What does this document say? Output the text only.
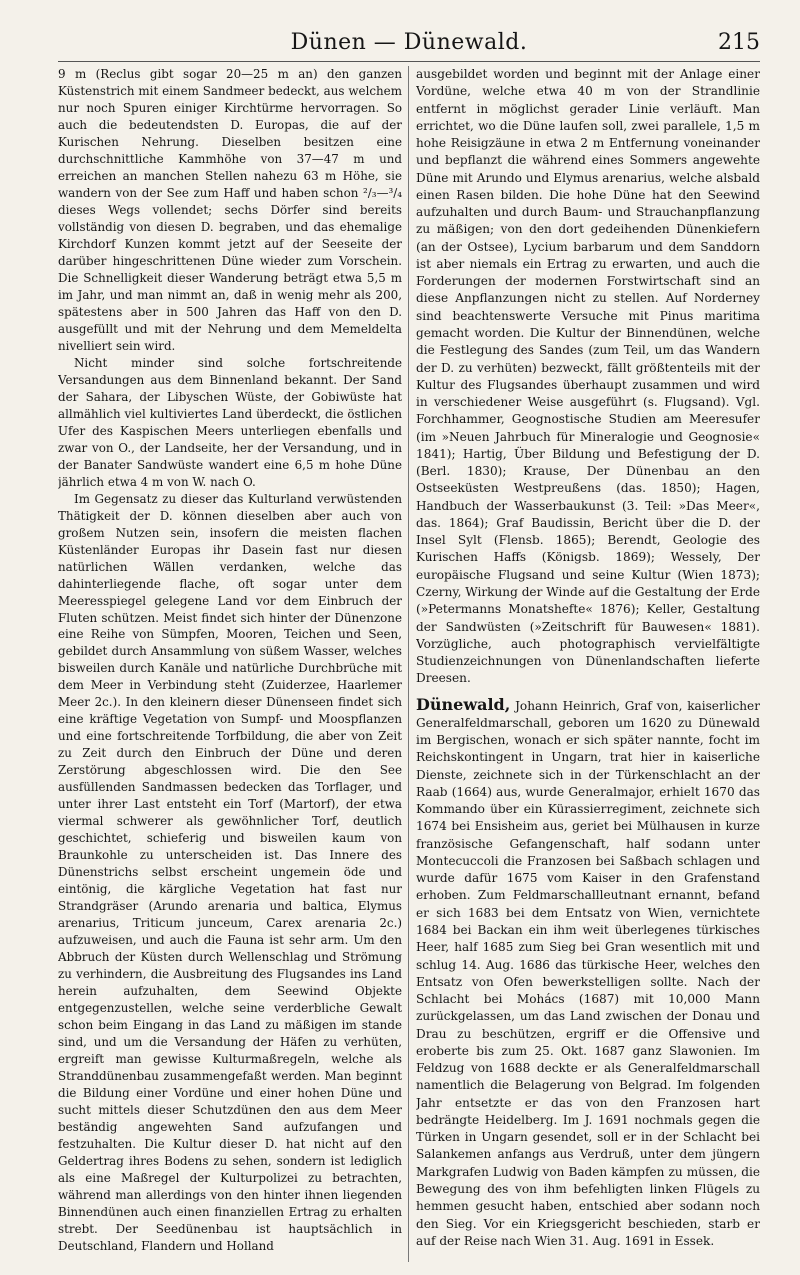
Dünen — Dünewald.	215

9 m (Reclus gibt sogar 20—25 m an) den ganzen Küstenstrich mit einem Sandmeer bedeckt, aus welchem nur noch Spuren einiger Kirchtürme hervorragen. So auch die bedeutendsten D. Europas, die auf der Kurischen Nehrung. Dieselben besitzen eine durchschnittliche Kammhöhe von 37—47 m und erreichen an manchen Stellen nahezu 63 m Höhe, sie wandern von der See zum Haff und haben schon ²/₃—³/₄ dieses Wegs vollendet; sechs Dörfer sind bereits vollständig von diesen D. begraben, und das ehemalige Kirchdorf Kunzen kommt jetzt auf der Seeseite der darüber hingeschrittenen Düne wieder zum Vorschein. Die Schnelligkeit dieser Wanderung beträgt etwa 5,5 m im Jahr, und man nimmt an, daß in wenig mehr als 200, spätestens aber in 500 Jahren das Haff von den D. ausgefüllt und mit der Nehrung und dem Memeldelta nivelliert sein wird.

Nicht minder sind solche fortschreitende Versandungen aus dem Binnenland bekannt. Der Sand der Sahara, der Libyschen Wüste, der Gobiwüste hat allmählich viel kultiviertes Land überdeckt, die östlichen Ufer des Kaspischen Meers unterliegen ebenfalls und zwar von O., der Landseite, her der Versandung, und in der Banater Sandwüste wandert eine 6,5 m hohe Düne jährlich etwa 4 m von W. nach O.

Im Gegensatz zu dieser das Kulturland verwüstenden Thätigkeit der D. können dieselben aber auch von großem Nutzen sein, insofern die meisten flachen Küstenländer Europas ihr Dasein fast nur diesen natürlichen Wällen verdanken, welche das dahinterliegende flache, oft sogar unter dem Meeresspiegel gelegene Land vor dem Einbruch der Fluten schützen. Meist findet sich hinter der Dünenzone eine Reihe von Sümpfen, Mooren, Teichen und Seen, gebildet durch Ansammlung von süßem Wasser, welches bisweilen durch Kanäle und natürliche Durchbrüche mit dem Meer in Verbindung steht (Zuiderzee, Haarlemer Meer 2c.). In den kleinern dieser Dünenseen findet sich eine kräftige Vegetation von Sumpf- und Moospflanzen und eine fortschreitende Torfbildung, die aber von Zeit zu Zeit durch den Einbruch der Düne und deren Zerstörung abgeschlossen wird. Die den See ausfüllenden Sandmassen bedecken das Torflager, und unter ihrer Last entsteht ein Torf (Martorf), der etwa viermal schwerer als gewöhnlicher Torf, deutlich geschichtet, schieferig und bisweilen kaum von Braunkohle zu unterscheiden ist. Das Innere des Dünenstrichs selbst erscheint ungemein öde und eintönig, die kärgliche Vegetation hat fast nur Strandgräser (Arundo arenaria und baltica, Elymus arenarius, Triticum junceum, Carex arenaria 2c.) aufzuweisen, und auch die Fauna ist sehr arm. Um den Abbruch der Küsten durch Wellenschlag und Strömung zu verhindern, die Ausbreitung des Flugsandes ins Land herein aufzuhalten, dem Seewind Objekte entgegenzustellen, welche seine verderbliche Gewalt schon beim Eingang in das Land zu mäßigen im stande sind, und um die Versandung der Häfen zu verhüten, ergreift man gewisse Kulturmaßregeln, welche als Stranddünenbau zusammengefaßt werden. Man beginnt die Bildung einer Vordüne und einer hohen Düne und sucht mittels dieser Schutzdünen den aus dem Meer beständig angewehten Sand aufzufangen und festzuhalten. Die Kultur dieser D. hat nicht auf den Geldertrag ihres Bodens zu sehen, sondern ist lediglich als eine Maßregel der Kulturpolizei zu betrachten, während man allerdings von den hinter ihnen liegenden Binnendünen auch einen finanziellen Ertrag zu erhalten strebt. Der Seedünenbau ist hauptsächlich in Deutschland, Flandern und Holland

ausgebildet worden und beginnt mit der Anlage einer Vordüne, welche etwa 40 m von der Strandlinie entfernt in möglichst gerader Linie verläuft. Man errichtet, wo die Düne laufen soll, zwei parallele, 1,5 m hohe Reisigzäune in etwa 2 m Entfernung voneinander und bepflanzt die während eines Sommers angewehte Düne mit Arundo und Elymus arenarius, welche alsbald einen Rasen bilden. Die hohe Düne hat den Seewind aufzuhalten und durch Baum- und Strauchanpflanzung zu mäßigen; von den dort gedeihenden Dünenkiefern (an der Ostsee), Lycium barbarum und dem Sanddorn ist aber niemals ein Ertrag zu erwarten, und auch die Forderungen der modernen Forstwirtschaft sind an diese Anpflanzungen nicht zu stellen. Auf Norderney sind beachtenswerte Versuche mit Pinus maritima gemacht worden. Die Kultur der Binnendünen, welche die Festlegung des Sandes (zum Teil, um das Wandern der D. zu verhüten) bezweckt, fällt größtenteils mit der Kultur des Flugsandes überhaupt zusammen und wird in verschiedener Weise ausgeführt (s. Flugsand). Vgl. Forchhammer, Geognostische Studien am Meeresufer (im »Neuen Jahrbuch für Mineralogie und Geognosie« 1841); Hartig, Über Bildung und Befestigung der D. (Berl. 1830); Krause, Der Dünenbau an den Ostseeküsten Westpreußens (das. 1850); Hagen, Handbuch der Wasserbaukunst (3. Teil: »Das Meer«, das. 1864); Graf Baudissin, Bericht über die D. der Insel Sylt (Flensb. 1865); Berendt, Geologie des Kurischen Haffs (Königsb. 1869); Wessely, Der europäische Flugsand und seine Kultur (Wien 1873); Czerny, Wirkung der Winde auf die Gestaltung der Erde (»Petermanns Monatshefte« 1876); Keller, Gestaltung der Sandwüsten (»Zeitschrift für Bauwesen« 1881). Vorzügliche, auch photographisch vervielfältigte Studienzeichnungen von Dünenlandschaften lieferte Dreesen.

Dünewald, Johann Heinrich, Graf von, kaiserlicher Generalfeldmarschall, geboren um 1620 zu Dünewald im Bergischen, wonach er sich später nannte, focht im Reichskontingent in Ungarn, trat hier in kaiserliche Dienste, zeichnete sich in der Türkenschlacht an der Raab (1664) aus, wurde Generalmajor, erhielt 1670 das Kommando über ein Kürassierregiment, zeichnete sich 1674 bei Ensisheim aus, geriet bei Mülhausen in kurze französische Gefangenschaft, half sodann unter Montecuccoli die Franzosen bei Saßbach schlagen und wurde dafür 1675 vom Kaiser in den Grafenstand erhoben. Zum Feldmarschallleutnant ernannt, befand er sich 1683 bei dem Entsatz von Wien, vernichtete 1684 bei Backan ein ihm weit überlegenes türkisches Heer, half 1685 zum Sieg bei Gran wesentlich mit und schlug 14. Aug. 1686 das türkische Heer, welches den Entsatz von Ofen bewerkstelligen sollte. Nach der Schlacht bei Mohács (1687) mit 10,000 Mann zurückgelassen, um das Land zwischen der Donau und Drau zu beschützen, ergriff er die Offensive und eroberte bis zum 25. Okt. 1687 ganz Slawonien. Im Feldzug von 1688 deckte er als Generalfeldmarschall namentlich die Belagerung von Belgrad. Im folgenden Jahr entsetzte er das von den Franzosen hart bedrängte Heidelberg. Im J. 1691 nochmals gegen die Türken in Ungarn gesendet, soll er in der Schlacht bei Salankemen anfangs aus Verdruß, unter dem jüngern Markgrafen Ludwig von Baden kämpfen zu müssen, die Bewegung des von ihm befehligten linken Flügels zu hemmen gesucht haben, entschied aber sodann noch den Sieg. Vor ein Kriegsgericht beschieden, starb er auf der Reise nach Wien 31. Aug. 1691 in Essek.
